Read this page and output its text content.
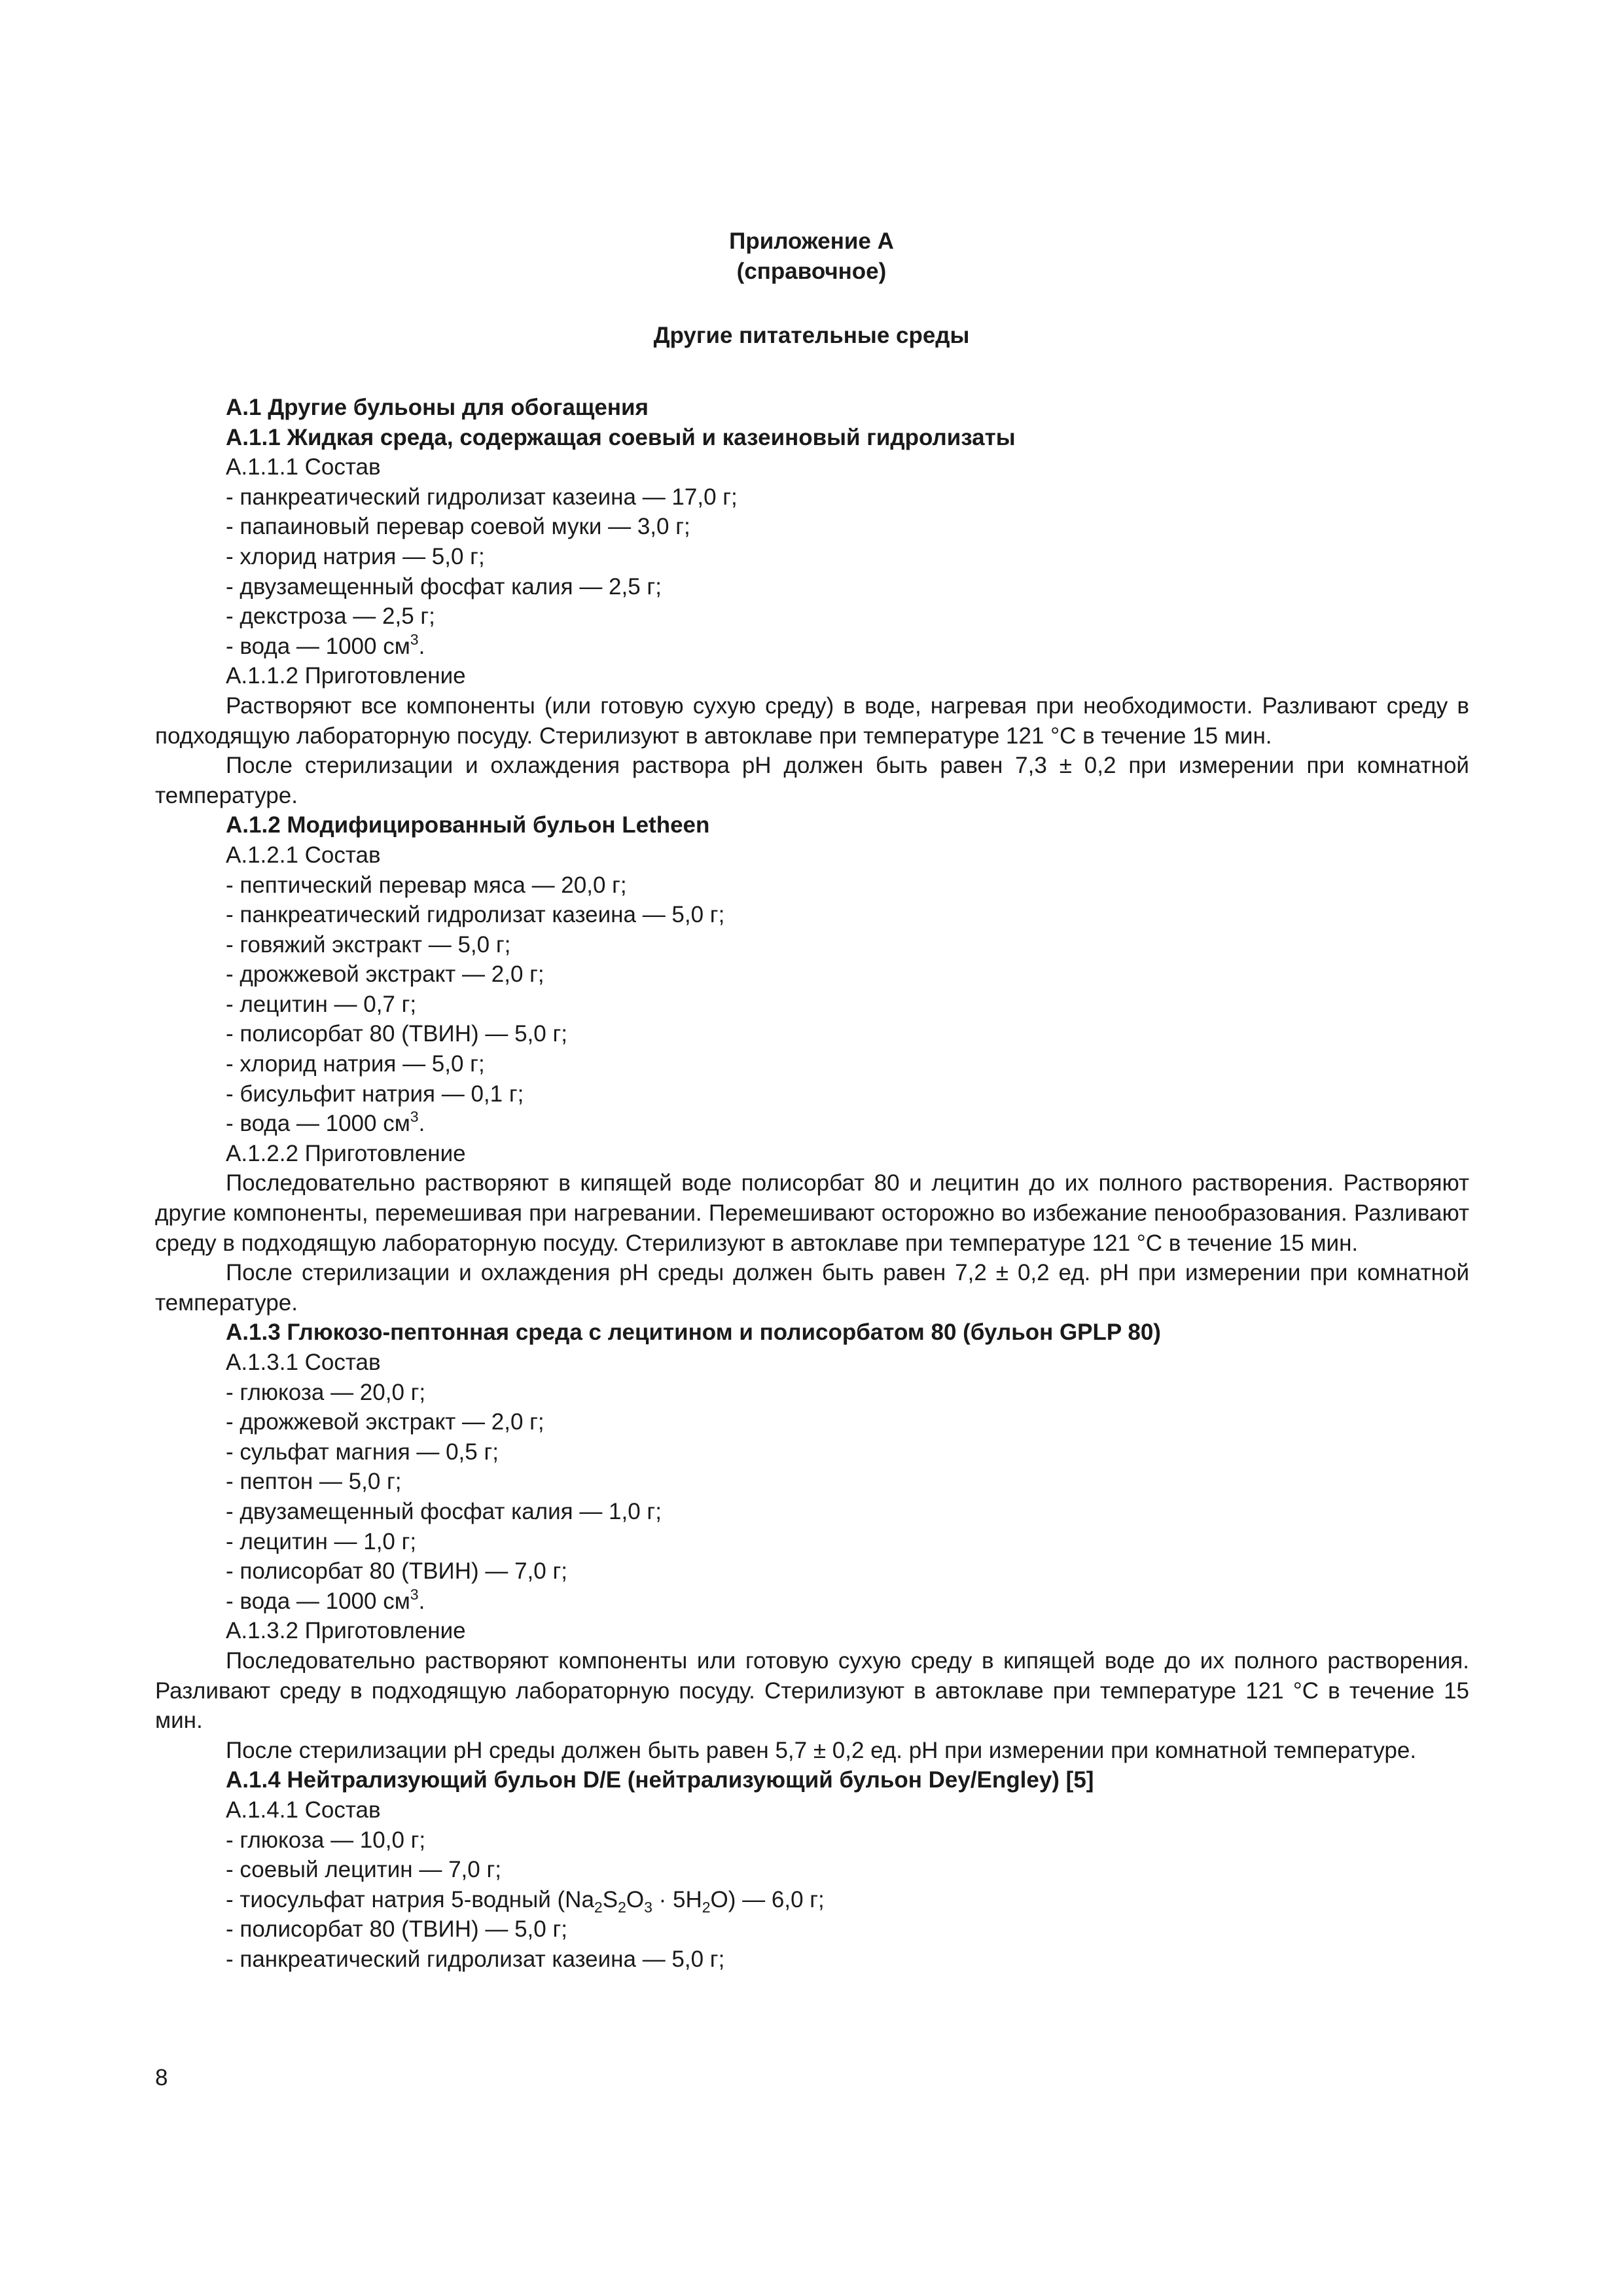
Приложение А
(справочное)
Другие питательные среды

А.1 Другие бульоны для обогащения

А.1.1 Жидкая среда, содержащая соевый и казеиновый гидролизаты

А.1.1.1 Состав

- панкреатический гидролизат казеина — 17,0 г;

- папаиновый перевар соевой муки — 3,0 г;

- хлорид натрия — 5,0 г;

- двузамещенный фосфат калия — 2,5 г;

- декстроза — 2,5 г;

- вода — 1000 $см^3$.

А.1.1.2 Приготовление

Растворяют все компоненты (или готовую сухую среду) в воде, нагревая при необходимости. Разливают среду в подходящую лабораторную посуду. Стерилизуют в автоклаве при температуре 121 °С в течение 15 мин.

После стерилизации и охлаждения раствора pH должен быть равен 7,3 ± 0,2 при измерении при комнатной температуре.

А.1.2 Модифицированный бульон Letheen

А.1.2.1 Состав

- пептический перевар мяса — 20,0 г;

- панкреатический гидролизат казеина — 5,0 г;

- говяжий экстракт — 5,0 г;

- дрожжевой экстракт — 2,0 г;

- лецитин — 0,7 г;

- полисорбат 80 (ТВИН) — 5,0 г;

- хлорид натрия — 5,0 г;

- бисульфит натрия — 0,1 г;

- вода — 1000 $см^3$.

А.1.2.2 Приготовление

Последовательно растворяют в кипящей воде полисорбат 80 и лецитин до их полного растворения. Растворяют другие компоненты, перемешивая при нагревании. Перемешивают осторожно во избежание пенообразования. Разливают среду в подходящую лабораторную посуду. Стерилизуют в автоклаве при температуре 121 °С в течение 15 мин.

После стерилизации и охлаждения pH среды должен быть равен 7,2 ± 0,2 ед. pH при измерении при комнатной температуре.

А.1.3 Глюкозо-пептонная среда с лецитином и полисорбатом 80 (бульон GPLP 80)

А.1.3.1 Состав

- глюкоза — 20,0 г;

- дрожжевой экстракт — 2,0 г;

- сульфат магния — 0,5 г;

- пептон — 5,0 г;

- двузамещенный фосфат калия — 1,0 г;

- лецитин — 1,0 г;

- полисорбат 80 (ТВИН) — 7,0 г;

- вода — 1000 $см^3$.

А.1.3.2 Приготовление

Последовательно растворяют компоненты или готовую сухую среду в кипящей воде до их полного растворения. Разливают среду в подходящую лабораторную посуду. Стерилизуют в автоклаве при температуре 121 °С в течение 15 мин.

После стерилизации pH среды должен быть равен 5,7 ± 0,2 ед. pH при измерении при комнатной температуре.

А.1.4 Нейтрализующий бульон D/E (нейтрализующий бульон Dey/Engley) [5]

А.1.4.1 Состав

- глюкоза — 10,0 г;

- соевый лецитин — 7,0 г;

- тиосульфат натрия 5-водный $(Na_2S_2O_3 \cdot 5H_2O)$ — 6,0 г;

- полисорбат 80 (ТВИН) — 5,0 г;

- панкреатический гидролизат казеина — 5,0 г;

8
